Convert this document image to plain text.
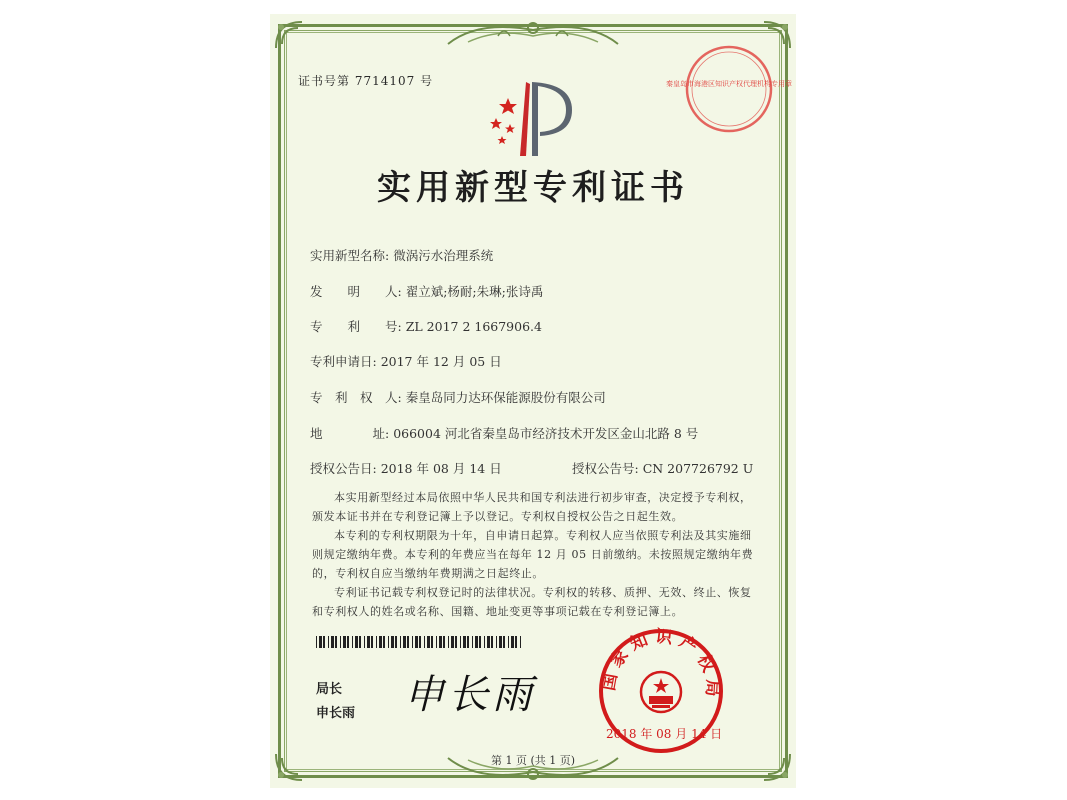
证书号第 7714107 号	秦皇岛市海港区知识产权代理机构专用章
实用新型专利证书
实用新型名称: 微涡污水治理系统
发　　明　　人: 翟立斌;杨耐;朱琳;张诗禹
专　　利　　号: ZL 2017 2 1667906.4
专利申请日: 2017 年 12 月 05 日
专　利　权　人: 秦皇岛同力达环保能源股份有限公司
地　　　　址: 066004 河北省秦皇岛市经济技术开发区金山北路 8 号
授权公告日: 2018 年 08 月 14 日	授权公告号: CN 207726792 U

本实用新型经过本局依照中华人民共和国专利法进行初步审查，决定授予专利权，颁发本证书并在专利登记簿上予以登记。专利权自授权公告之日起生效。

本专利的专利权期限为十年，自申请日起算。专利权人应当依照专利法及其实施细则规定缴纳年费。本专利的年费应当在每年 12 月 05 日前缴纳。未按照规定缴纳年费的，专利权自应当缴纳年费期满之日起终止。

专利证书记载专利权登记时的法律状况。专利权的转移、质押、无效、终止、恢复和专利权人的姓名或名称、国籍、地址变更等事项记载在专利登记簿上。

局长
申长雨 申长雨	国家知识产权局
2018 年 08 月 14 日
第 1 页 (共 1 页)
